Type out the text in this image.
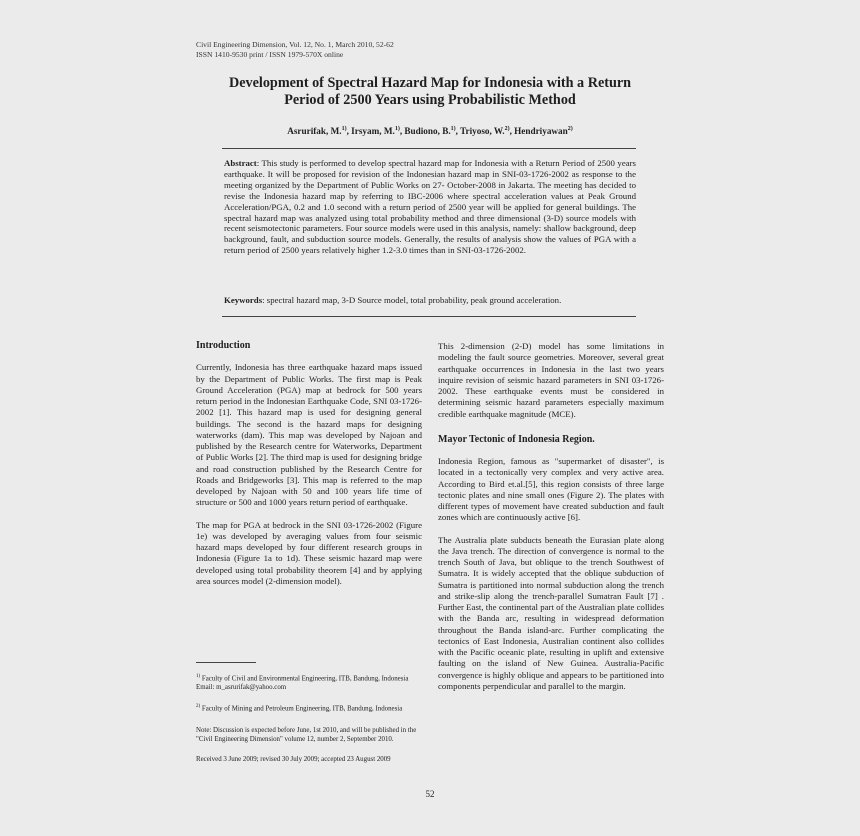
Civil Engineering Dimension, Vol. 12, No. 1, March 2010, 52-62
ISSN 1410-9530 print / ISSN 1979-570X online
Development of Spectral Hazard Map for Indonesia with a Return
Period of 2500 Years using Probabilistic Method
Asrurifak, M.$^{1)}$, Irsyam, M.$^{1)}$, Budiono, B.$^{1)}$, Triyoso, W.$^{2)}$, Hendriyawan$^{2)}$
Abstract: This study is performed to develop spectral hazard map for Indonesia with a Return Period of 2500 years earthquake. It will be proposed for revision of the Indonesian hazard map in SNI-03-1726-2002 as response to the meeting organized by the Department of Public Works on 27- October-2008 in Jakarta. The meeting has decided to revise the Indonesia hazard map by referring to IBC-2006 where spectral acceleration values at Peak Ground Acceleration/PGA, 0.2 and 1.0 second with a return period of 2500 year will be applied for general buildings. The spectral hazard map was analyzed using total probability method and three dimensional (3-D) source models with recent seismotectonic parameters. Four source models were used in this analysis, namely: shallow background, deep background, fault, and subduction source models. Generally, the results of analysis show the values of PGA with a return period of 2500 years relatively higher 1.2-3.0 times than in SNI-03-1726-2002.
Keywords: spectral hazard map, 3-D Source model, total probability, peak ground acceleration.

Introduction

Currently, Indonesia has three earthquake hazard maps issued by the Department of Public Works. The first map is Peak Ground Acceleration (PGA) map at bedrock for 500 years return period in the Indonesian Earthquake Code, SNI 03-1726-2002 [1]. This hazard map is used for designing general buildings. The second is the hazard maps for designing waterworks (dam). This map was developed by Najoan and published by the Research centre for Waterworks, Department of Public Works [2]. The third map is used for designing bridge and road construction published by the Research Centre for Roads and Bridgeworks [3]. This map is referred to the map developed by Najoan with 50 and 100 years life time of structure or 500 and 1000 years return period of earthquake.

The map for PGA at bedrock in the SNI 03-1726-2002 (Figure 1e) was developed by averaging values from four seismic hazard maps developed by four different research groups in Indonesia (Figure 1a to 1d). These seismic hazard map were developed using total probability theorem [4] and by applying area sources model (2-dimension model).

$^{1)}$ Faculty of Civil and Environmental Engineering, ITB, Bandung, Indonesia
Email: m_asrurifak@yahoo.com
$^{2)}$ Faculty of Mining and Petroleum Engineering, ITB, Bandung, Indonesia
Note: Discussion is expected before June, 1st 2010, and will be published in the "Civil Engineering Dimension" volume 12, number 2, September 2010.
Received 3 June 2009; revised 30 July 2009; accepted 23 August 2009

This 2-dimension (2-D) model has some limitations in modeling the fault source geometries. Moreover, several great earthquake occurrences in Indonesia in the last two years inquire revision of seismic hazard parameters in SNI 03-1726-2002. These earthquake events must be considered in determining seismic hazard parameters especially maximum credible earthquake magnitude (MCE).

Mayor Tectonic of Indonesia Region.

Indonesia Region, famous as "supermarket of disaster", is located in a tectonically very complex and very active area. According to Bird et.al.[5], this region consists of three large tectonic plates and nine small ones (Figure 2). The plates with different types of movement have created subduction and fault zones which are continuously active [6].

The Australia plate subducts beneath the Eurasian plate along the Java trench. The direction of convergence is normal to the trench South of Java, but oblique to the trench Southwest of Sumatra. It is widely accepted that the oblique subduction of Sumatra is partitioned into normal subduction along the trench and strike-slip along the trench-parallel Sumatran Fault [7] . Further East, the continental part of the Australian plate collides with the Banda arc, resulting in widespread deformation throughout the Banda island-arc. Further complicating the tectonics of East Indonesia, Australian continent also collides with the Pacific oceanic plate, resulting in uplift and extensive faulting on the island of New Guinea. Australia-Pacific convergence is highly oblique and appears to be partitioned into components perpendicular and parallel to the margin.

52
